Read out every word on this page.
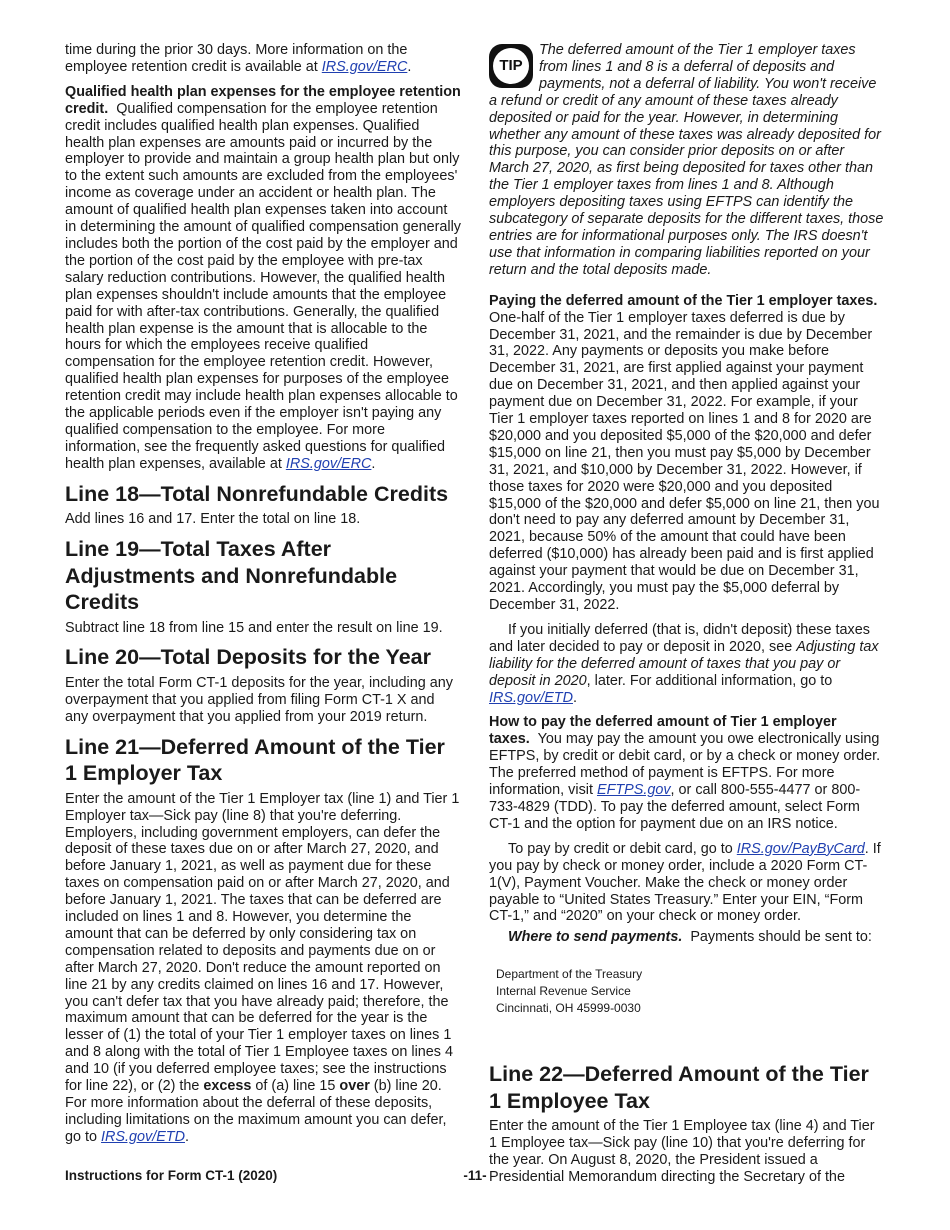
time during the prior 30 days. More information on the employee retention credit is available at IRS.gov/ERC.

Qualified health plan expenses for the employee retention credit. Qualified compensation for the employee retention credit includes qualified health plan expenses. Qualified health plan expenses are amounts paid or incurred by the employer to provide and maintain a group health plan but only to the extent such amounts are excluded from the employees' income as coverage under an accident or health plan. The amount of qualified health plan expenses taken into account in determining the amount of qualified compensation generally includes both the portion of the cost paid by the employer and the portion of the cost paid by the employee with pre-tax salary reduction contributions. However, the qualified health plan expenses shouldn't include amounts that the employee paid for with after-tax contributions. Generally, the qualified health plan expense is the amount that is allocable to the hours for which the employees receive qualified compensation for the employee retention credit. However, qualified health plan expenses for purposes of the employee retention credit may include health plan expenses allocable to the applicable periods even if the employer isn't paying any qualified compensation to the employee. For more information, see the frequently asked questions for qualified health plan expenses, available at IRS.gov/ERC.

Line 18—Total Nonrefundable Credits

Add lines 16 and 17. Enter the total on line 18.

Line 19—Total Taxes After Adjustments and Nonrefundable Credits

Subtract line 18 from line 15 and enter the result on line 19.

Line 20—Total Deposits for the Year

Enter the total Form CT-1 deposits for the year, including any overpayment that you applied from filing Form CT-1 X and any overpayment that you applied from your 2019 return.

Line 21—Deferred Amount of the Tier 1 Employer Tax

Enter the amount of the Tier 1 Employer tax (line 1) and Tier 1 Employer tax—Sick pay (line 8) that you're deferring. Employers, including government employers, can defer the deposit of these taxes due on or after March 27, 2020, and before January 1, 2021, as well as payment due for these taxes on compensation paid on or after March 27, 2020, and before January 1, 2021. The taxes that can be deferred are included on lines 1 and 8. However, you determine the amount that can be deferred by only considering tax on compensation related to deposits and payments due on or after March 27, 2020. Don't reduce the amount reported on line 21 by any credits claimed on lines 16 and 17. However, you can't defer tax that you have already paid; therefore, the maximum amount that can be deferred for the year is the lesser of (1) the total of your Tier 1 employer taxes on lines 1 and 8 along with the total of Tier 1 Employee taxes on lines 4 and 10 (if you deferred employee taxes; see the instructions for line 22), or (2) the excess of (a) line 15 over (b) line 20. For more information about the deferral of these deposits, including limitations on the maximum amount you can defer, go to IRS.gov/ETD.

TIP
The deferred amount of the Tier 1 employer taxes from lines 1 and 8 is a deferral of deposits and payments, not a deferral of liability. You won't receive a refund or credit of any amount of these taxes already deposited or paid for the year. However, in determining whether any amount of these taxes was already deposited for this purpose, you can consider prior deposits on or after March 27, 2020, as first being deposited for taxes other than the Tier 1 employer taxes from lines 1 and 8. Although employers depositing taxes using EFTPS can identify the subcategory of separate deposits for the different taxes, those entries are for informational purposes only. The IRS doesn't use that information in comparing liabilities reported on your return and the total deposits made.

Paying the deferred amount of the Tier 1 employer taxes.  One-half of the Tier 1 employer taxes deferred is due by December 31, 2021, and the remainder is due by December 31, 2022. Any payments or deposits you make before December 31, 2021, are first applied against your payment due on December 31, 2021, and then applied against your payment due on December 31, 2022. For example, if your Tier 1 employer taxes reported on lines 1 and 8 for 2020 are $20,000 and you deposited $5,000 of the $20,000 and defer $15,000 on line 21, then you must pay $5,000 by December 31, 2021, and $10,000 by December 31, 2022. However, if those taxes for 2020 were $20,000 and you deposited $15,000 of the $20,000 and defer $5,000 on line 21, then you don't need to pay any deferred amount by December 31, 2021, because 50% of the amount that could have been deferred ($10,000) has already been paid and is first applied against your payment that would be due on December 31, 2021. Accordingly, you must pay the $5,000 deferral by December 31, 2022.

If you initially deferred (that is, didn't deposit) these taxes and later decided to pay or deposit in 2020, see Adjusting tax liability for the deferred amount of taxes that you pay or deposit in 2020, later. For additional information, go to IRS.gov/ETD.

How to pay the deferred amount of Tier 1 employer taxes. You may pay the amount you owe electronically using EFTPS, by credit or debit card, or by a check or money order. The preferred method of payment is EFTPS. For more information, visit EFTPS.gov, or call 800-555-4477 or 800-733-4829 (TDD). To pay the deferred amount, select Form CT-1 and the option for payment due on an IRS notice.

To pay by credit or debit card, go to IRS.gov/PayByCard. If you pay by check or money order, include a 2020 Form CT-1(V), Payment Voucher. Make the check or money order payable to “United States Treasury.” Enter your EIN, “Form CT-1,” and “2020” on your check or money order.

Where to send payments. Payments should be sent to:

Department of the Treasury
Internal Revenue Service
Cincinnati, OH 45999-0030
Line 22—Deferred Amount of the Tier 1 Employee Tax

Enter the amount of the Tier 1 Employee tax (line 4) and Tier 1 Employee tax—Sick pay (line 10) that you're deferring for the year. On August 8, 2020, the President issued a Presidential Memorandum directing the Secretary of the

Instructions for Form CT-1 (2020)	-11-
